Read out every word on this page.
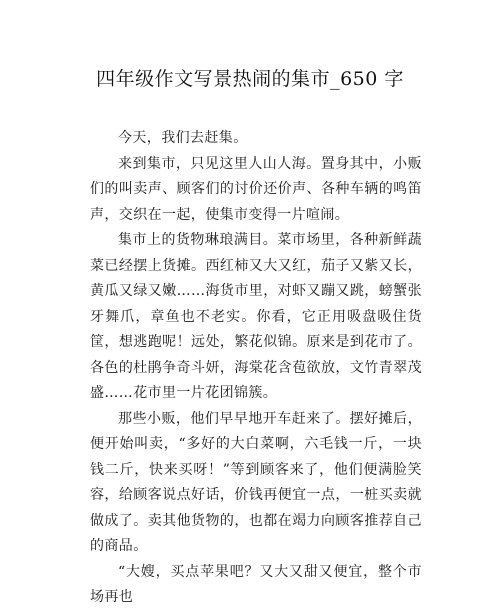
四年级作文写景热闹的集市_650 字

今天，我们去赶集。

来到集市，只见这里人山人海。置身其中，小贩们的叫卖声、顾客们的讨价还价声、各种车辆的鸣笛声，交织在一起，使集市变得一片喧闹。

集市上的货物琳琅满目。菜市场里，各种新鲜蔬菜已经摆上货摊。西红柿又大又红，茄子又紫又长，黄瓜又绿又嫩……海货市里，对虾又蹦又跳，螃蟹张牙舞爪，章鱼也不老实。你看，它正用吸盘吸住货筐，想逃跑呢！远处，繁花似锦。原来是到花市了。各色的杜鹃争奇斗妍，海棠花含苞欲放，文竹青翠茂盛……花市里一片花团锦簇。

那些小贩，他们早早地开车赶来了。摆好摊后，便开始叫卖，“多好的大白菜啊，六毛钱一斤，一块钱二斤，快来买呀！”等到顾客来了，他们便满脸笑容，给顾客说点好话，价钱再便宜一点，一桩买卖就做成了。卖其他货物的，也都在竭力向顾客推荐自己的商品。

“大嫂，买点苹果吧？又大又甜又便宜，整个市场再也
